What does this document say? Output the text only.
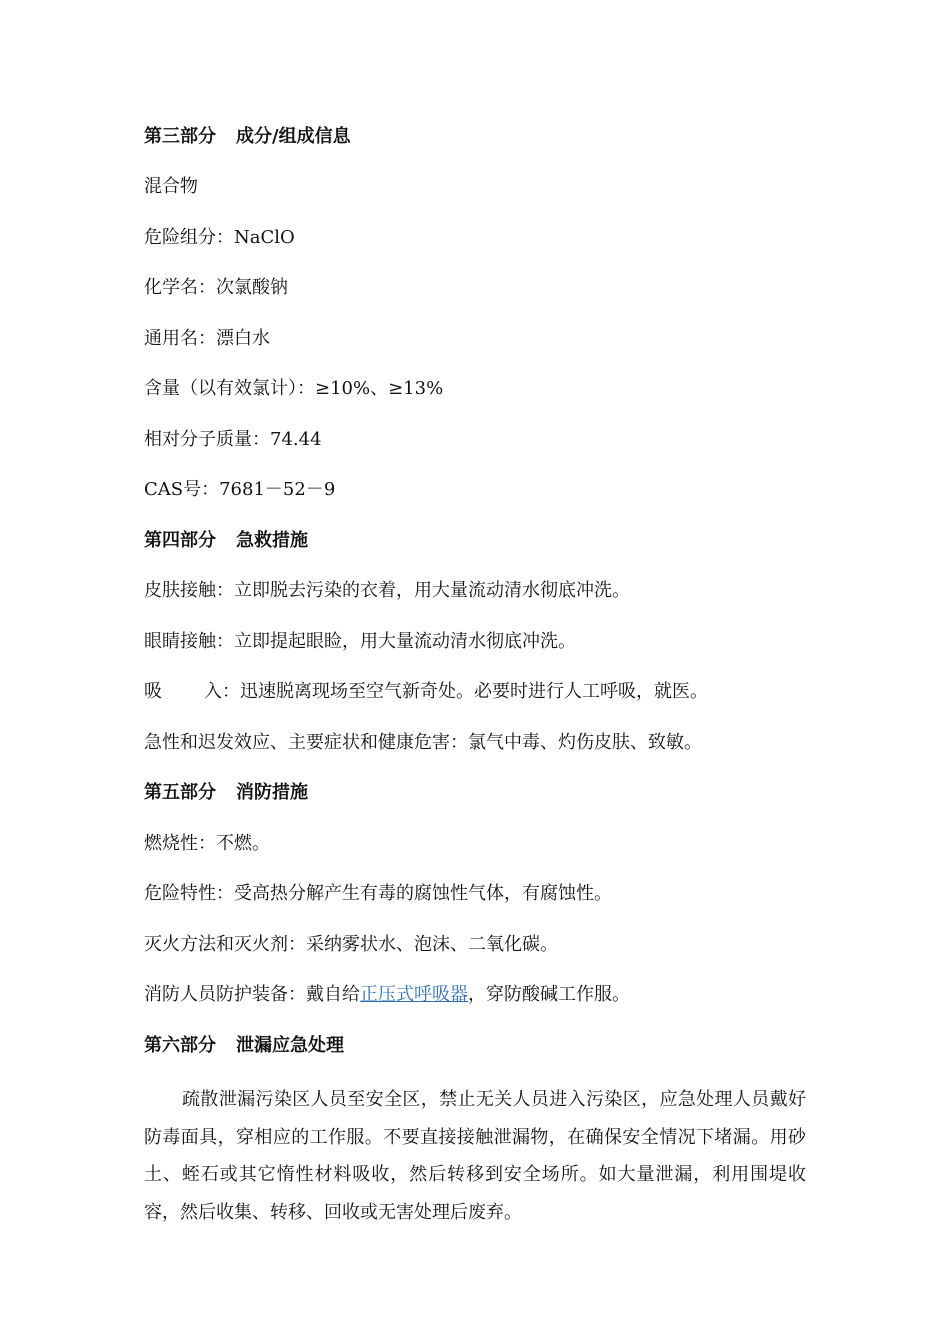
第三部分 成分/组成信息
混合物
危险组分：NaClO
化学名：次氯酸钠
通用名：漂白水
含量（以有效氯计）：≥10%、≥13%
相对分子质量：74.44
CAS号：7681－52－9
第四部分 急救措施
皮肤接触：立即脱去污染的衣着，用大量流动清水彻底冲洗。
眼睛接触：立即提起眼睑，用大量流动清水彻底冲洗。
吸 入：迅速脱离现场至空气新奇处。必要时进行人工呼吸，就医。
急性和迟发效应、主要症状和健康危害：氯气中毒、灼伤皮肤、致敏。
第五部分 消防措施
燃烧性：不燃。
危险特性：受高热分解产生有毒的腐蚀性气体，有腐蚀性。
灭火方法和灭火剂：采纳雾状水、泡沫、二氧化碳。
消防人员防护装备：戴自给正压式呼吸器，穿防酸碱工作服。
第六部分 泄漏应急处理
疏散泄漏污染区人员至安全区，禁止无关人员进入污染区，应急处理人员戴好防毒面具，穿相应的工作服。不要直接接触泄漏物，在确保安全情况下堵漏。用砂土、蛭石或其它惰性材料吸收，然后转移到安全场所。如大量泄漏，利用围堤收容，然后收集、转移、回收或无害处理后废弃。
